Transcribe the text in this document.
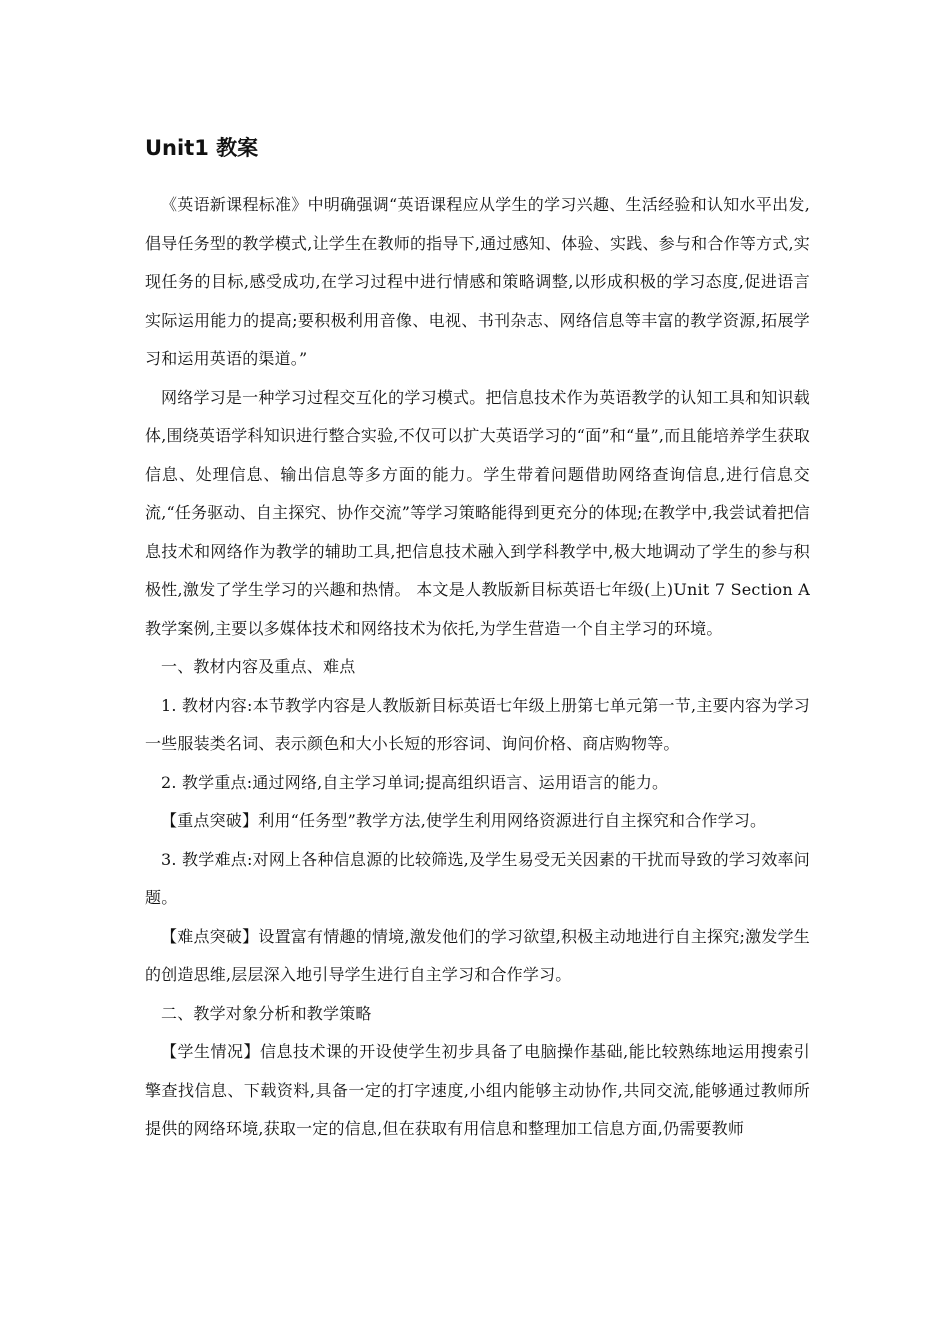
Unit1 教案

《英语新课程标准》中明确强调“英语课程应从学生的学习兴趣、生活经验和认知水平出发,倡导任务型的教学模式,让学生在教师的指导下,通过感知、体验、实践、参与和合作等方式,实现任务的目标,感受成功,在学习过程中进行情感和策略调整,以形成积极的学习态度,促进语言实际运用能力的提高;要积极利用音像、电视、书刊杂志、网络信息等丰富的教学资源,拓展学习和运用英语的渠道。”

网络学习是一种学习过程交互化的学习模式。把信息技术作为英语教学的认知工具和知识载体,围绕英语学科知识进行整合实验,不仅可以扩大英语学习的“面”和“量”,而且能培养学生获取信息、处理信息、输出信息等多方面的能力。学生带着问题借助网络查询信息,进行信息交流,“任务驱动、自主探究、协作交流”等学习策略能得到更充分的体现;在教学中,我尝试着把信息技术和网络作为教学的辅助工具,把信息技术融入到学科教学中,极大地调动了学生的参与积极性,激发了学生学习的兴趣和热情。 本文是人教版新目标英语七年级(上)Unit 7 Section A 教学案例,主要以多媒体技术和网络技术为依托,为学生营造一个自主学习的环境。

一、教材内容及重点、难点

1. 教材内容:本节教学内容是人教版新目标英语七年级上册第七单元第一节,主要内容为学习一些服装类名词、表示颜色和大小长短的形容词、询问价格、商店购物等。

2. 教学重点:通过网络,自主学习单词;提高组织语言、运用语言的能力。

【重点突破】利用“任务型”教学方法,使学生利用网络资源进行自主探究和合作学习。

3. 教学难点:对网上各种信息源的比较筛选,及学生易受无关因素的干扰而导致的学习效率问题。

【难点突破】设置富有情趣的情境,激发他们的学习欲望,积极主动地进行自主探究;激发学生的创造思维,层层深入地引导学生进行自主学习和合作学习。

二、教学对象分析和教学策略

【学生情况】信息技术课的开设使学生初步具备了电脑操作基础,能比较熟练地运用搜索引擎查找信息、下载资料,具备一定的打字速度,小组内能够主动协作,共同交流,能够通过教师所提供的网络环境,获取一定的信息,但在获取有用信息和整理加工信息方面,仍需要教师
